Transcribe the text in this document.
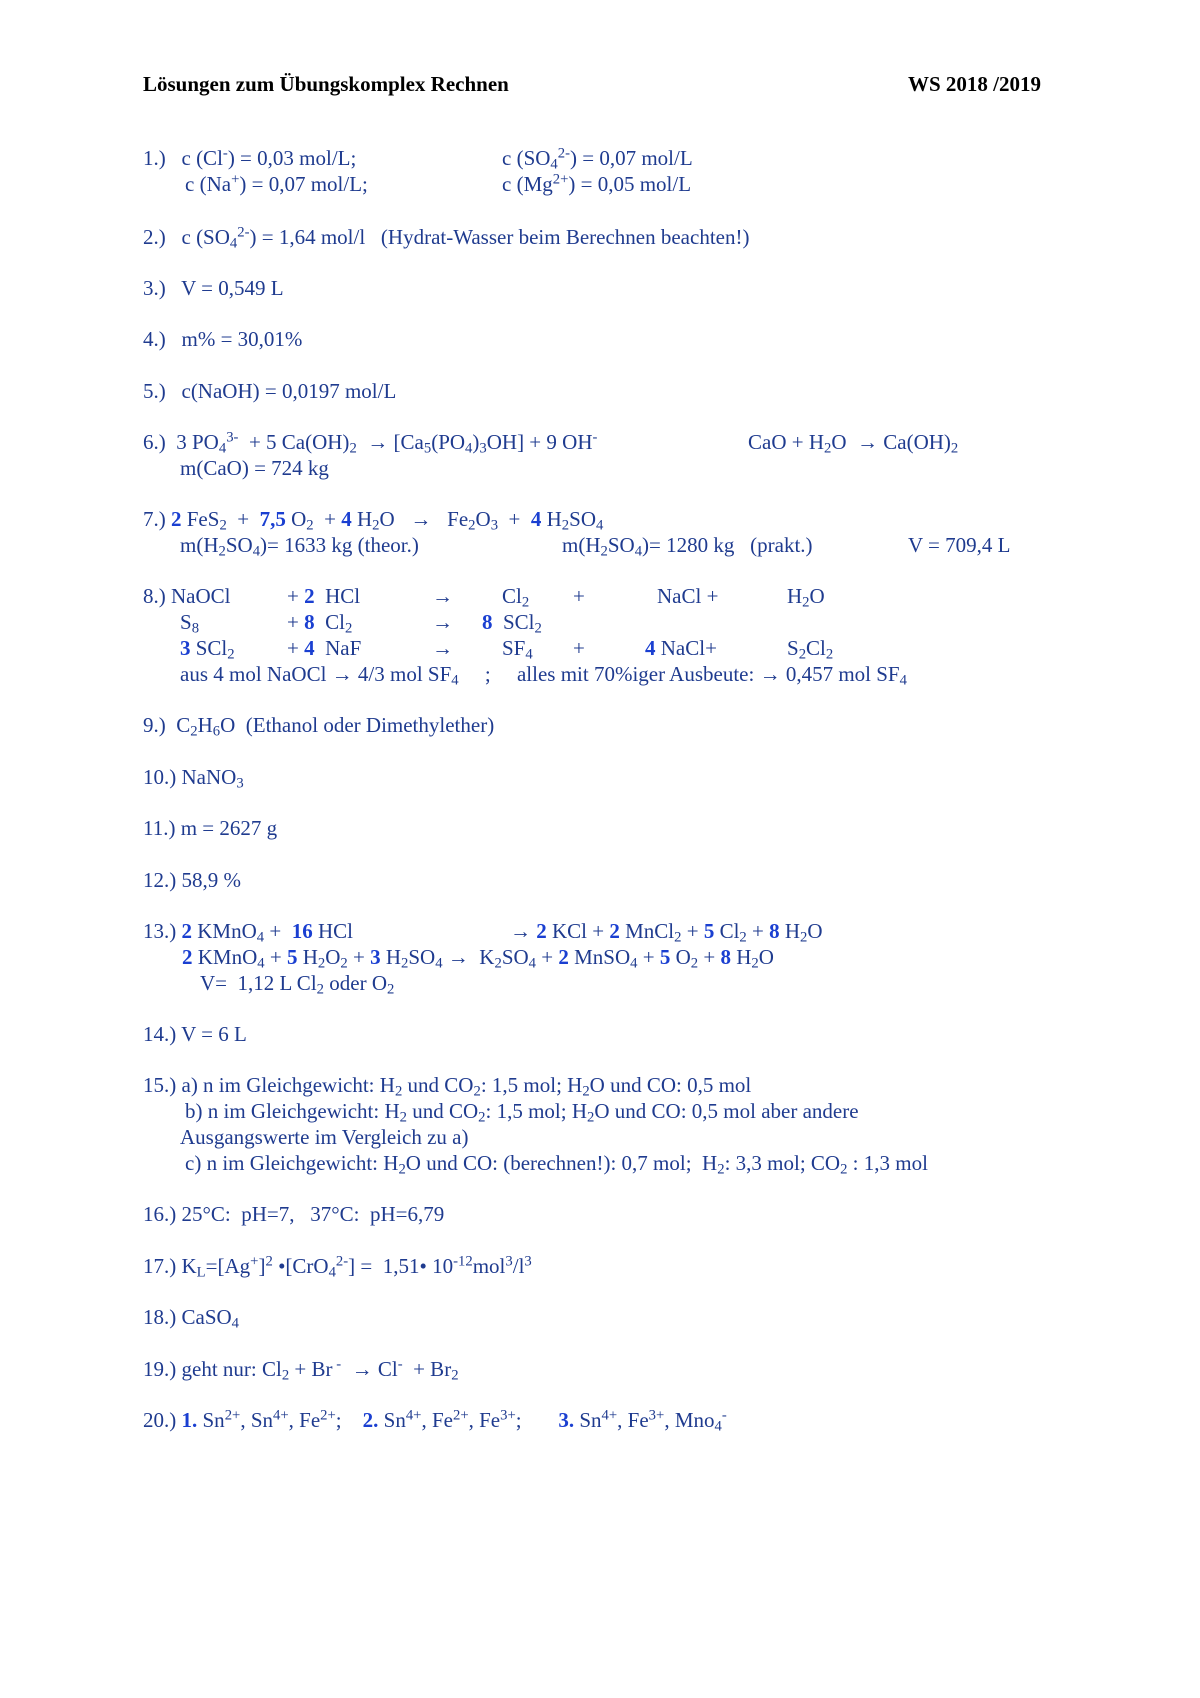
Lösungen zum Übungskomplex Rechnen	WS 2018 /2019
1.)   c (Cl-) = 0,03 mol/L;	c $(SO_4^{2-}) = 0,07$ mol/L
c (Na+) = 0,07 mol/L;	c $(Mg^{2+}) = 0,05$ mol/L
2.)   c $(SO_4^{2-}) = 1,64$ mol/l   (Hydrat-Wasser beim Berechnen beachten!)
3.)   V = 0,549 L
4.)   m% = 30,01%
5.)   c(NaOH) = 0,0197 mol/L
6.)  3 $PO_4^{3-} + 5$ $Ca(OH)_2 \to [Ca_5(PO_4)_3OH] + 9$ OH-	CaO + $H_2O \to Ca(OH)_2$
m(CaO) = 724 kg
7.) 2 FeS$_2$  +  7,5 $O_2 + 4$ $H_2O \to Fe_2O_3 + 4$ $H_2SO_4$
$m(H_2SO_4)= 1633$ kg (theor.)	$m(H_2SO_4)= 1280$ kg   (prakt.)	V = 709,4 L
8.) NaOCl	+ 2  HCl	→ $Cl_2$ +	NaCl +	$H_2O$
$S_8$	+ 8  $Cl_2$	→ 8  SCl$_2$
3 SCl$_2$ + 4  NaF	→ $SF_4$ +	4 NaCl+	$S_2Cl_2$
aus 4 mol NaOCl → 4/3 mol $SF_4$     ;     alles mit 70%iger Ausbeute: → 0,457 mol $SF_4$
9.)  $C_2H_6O$  (Ethanol oder Dimethylether)
10.) NaNO$_3$
11.) m = 2627 g
12.) 58,9 %
13.) 2 KMnO$_4$ +  16 HCl	→ 2 KCl + 2 MnCl$_2$ + 5 $Cl_2 + 8$ $H_2O$
2 KMnO$_4$ + 5 $H_2O_2 + 3$ $H_2SO_4 \to K_2SO_4 + 2$ MnSO$_4$ + 5 $O_2 + 8$ $H_2O$
V=  1,12 L $Cl_2$ oder $O_2$
14.) V = 6 L
15.) a) n im Gleichgewicht: $H_2$ und $CO_2$: 1,5 mol; $H_2O$ und CO: 0,5 mol
b) n im Gleichgewicht: $H_2$ und $CO_2$: 1,5 mol; $H_2O$ und CO: 0,5 mol aber andere
Ausgangswerte im Vergleich zu a)
c) n im Gleichgewicht: $H_2O$ und CO: (berechnen!): 0,7 mol;  $H_2$: 3,3 mol; $CO_2$ : 1,3 mol
16.) 25°C:  pH=7,   37°C:  pH=6,79
17.) $K_L=[Ag^+]^2$ •[CrO$_4^{2-}$] =  1,51• $10^{-12}mol^3/l^3$
18.) CaSO$_4$
19.) geht nur: $Cl_2 + Br$ $^- \to Cl^- + Br_2$
20.) 1. $Sn^{2+}$, $Sn^{4+}$, $Fe^{2+}$;    2. $Sn^{4+}$, $Fe^{2+}$, $Fe^{3+}$;       3. $Sn^{4+}$, $Fe^{3+}$, Mno$_4$-
